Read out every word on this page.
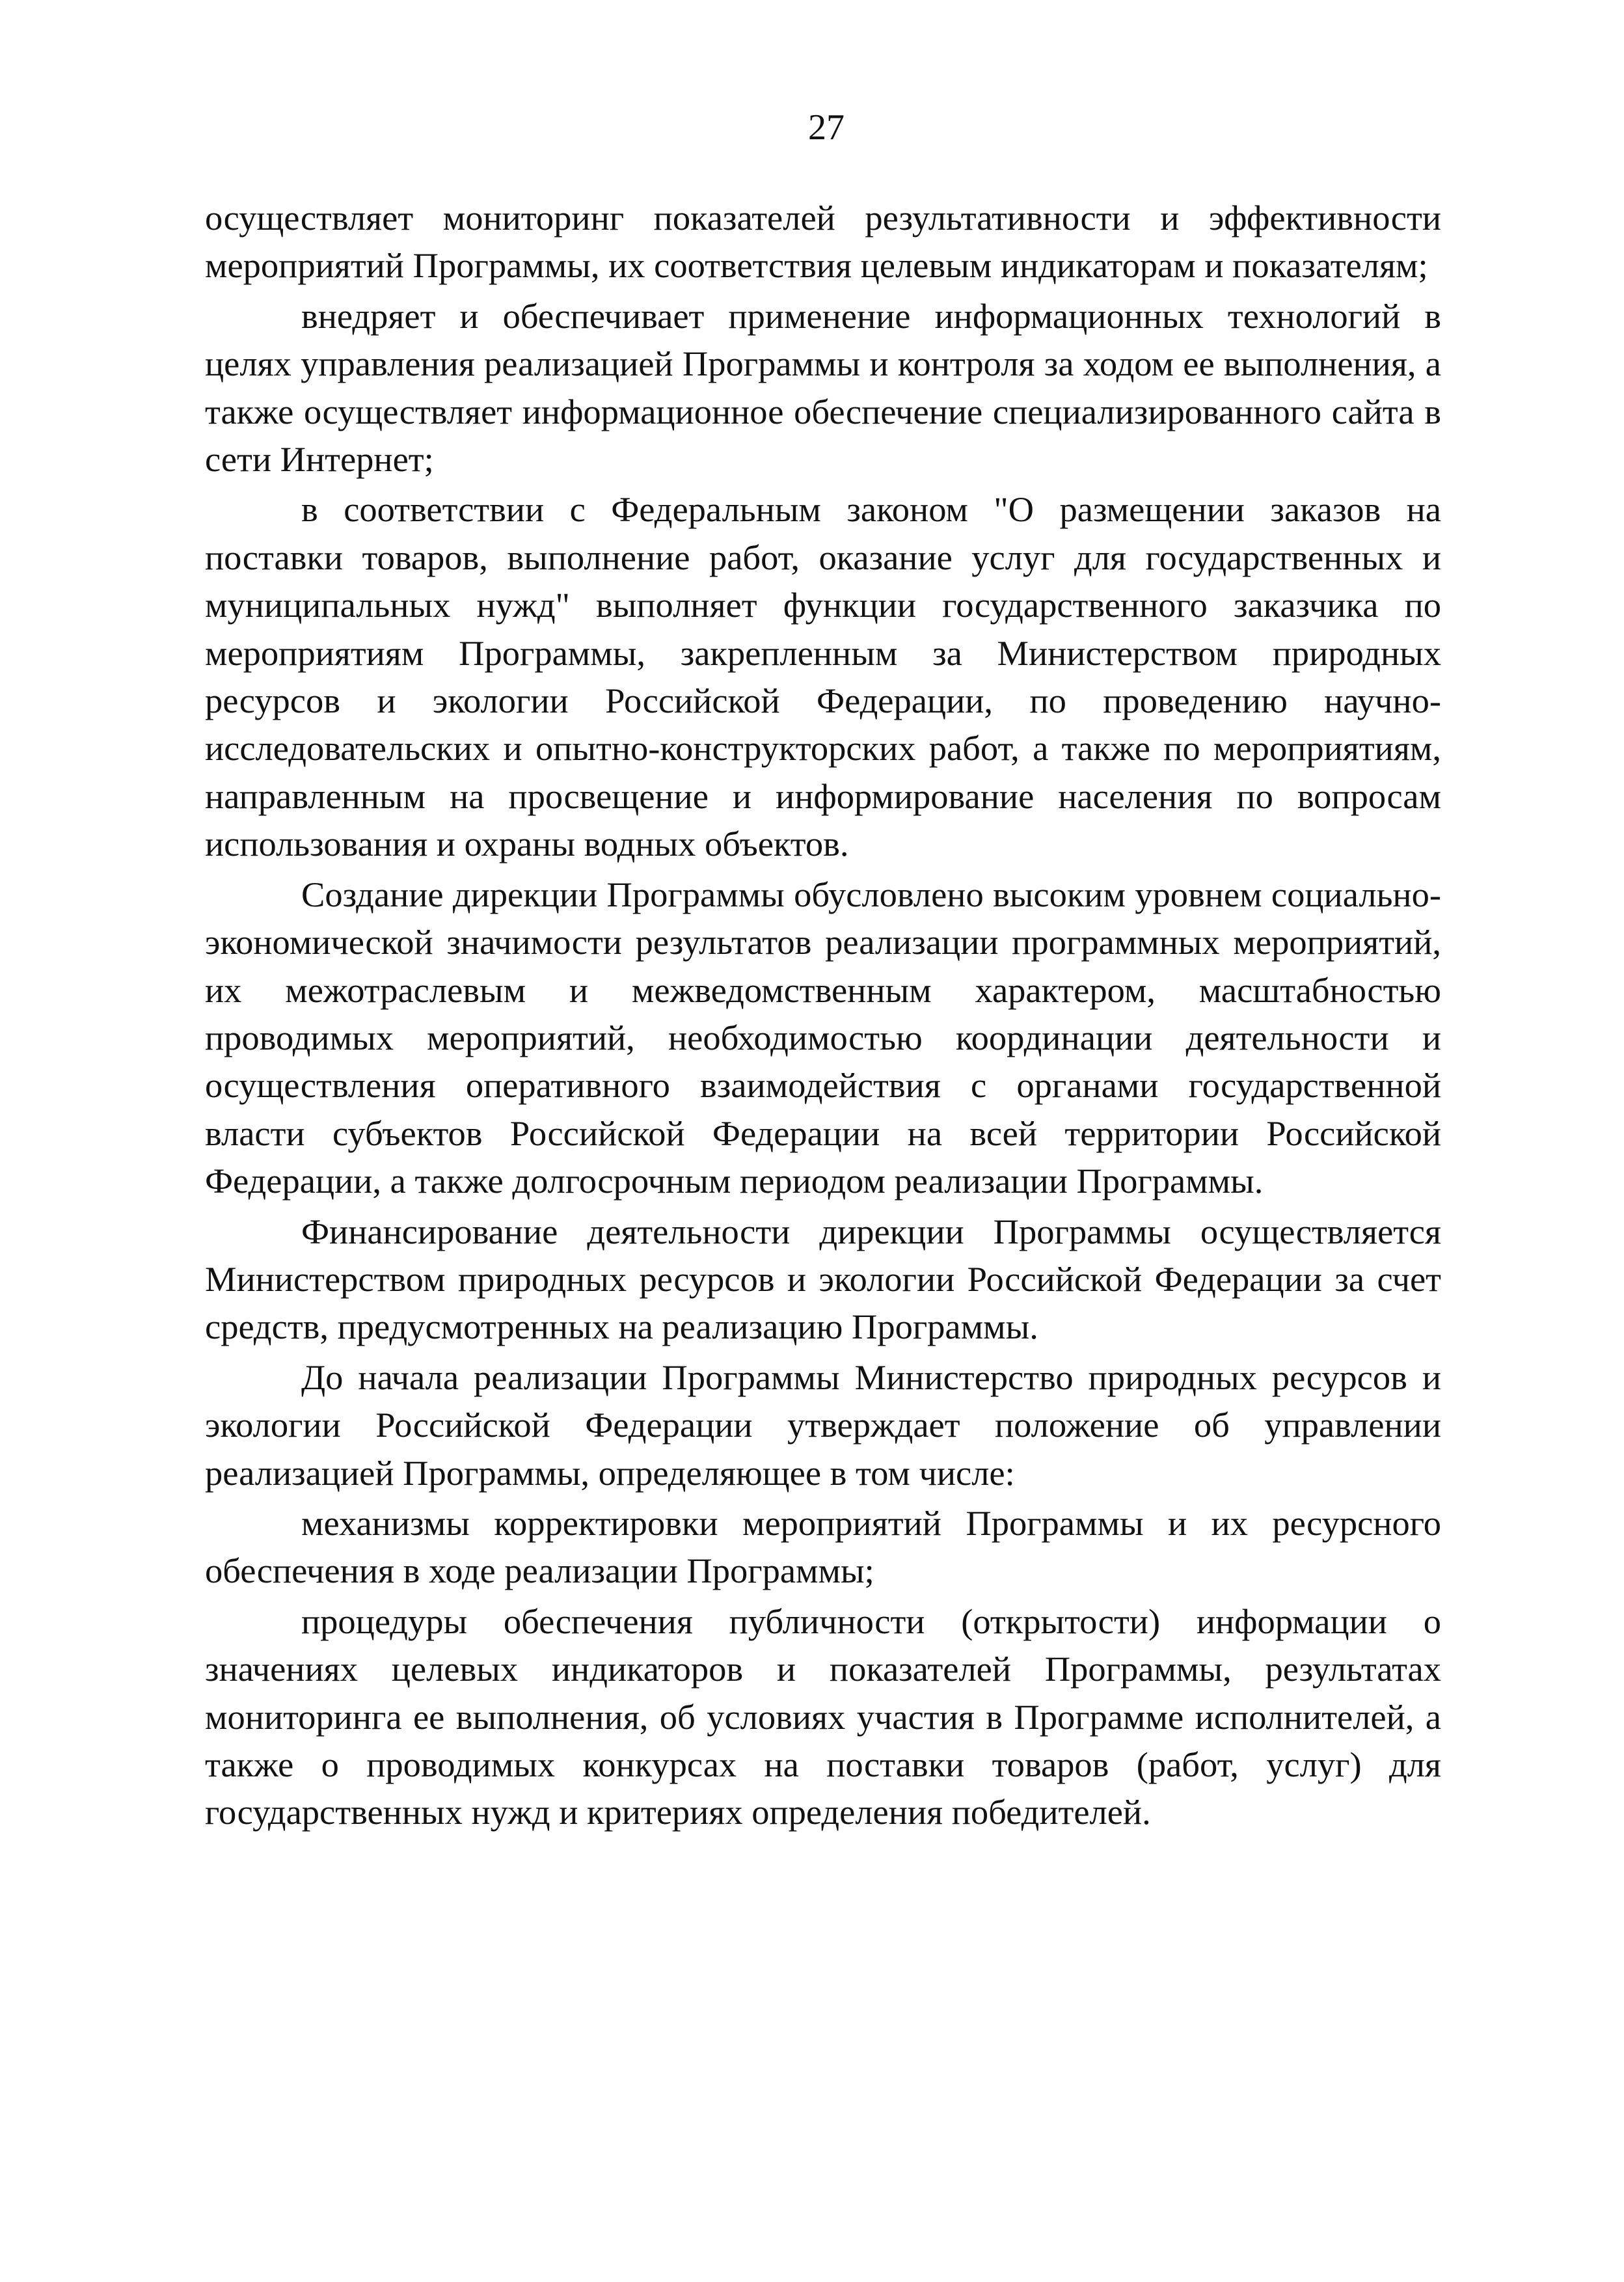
27

осуществляет мониторинг показателей результативности и эффективности мероприятий Программы, их соответствия целевым индикаторам и показателям;

внедряет и обеспечивает применение информационных технологий в целях управления реализацией Программы и контроля за ходом ее выполнения, а также осуществляет информационное обеспечение специализированного сайта в сети Интернет;

в соответствии с Федеральным законом "О размещении заказов на поставки товаров, выполнение работ, оказание услуг для государственных и муниципальных нужд" выполняет функции государственного заказчика по мероприятиям Программы, закрепленным за Министерством природных ресурсов и экологии Российской Федерации, по проведению научно-исследовательских и опытно-конструкторских работ, а также по мероприятиям, направленным на просвещение и информирование населения по вопросам использования и охраны водных объектов.

Создание дирекции Программы обусловлено высоким уровнем социально-экономической значимости результатов реализации программных мероприятий, их межотраслевым и межведомственным характером, масштабностью проводимых мероприятий, необходимостью координации деятельности и осуществления оперативного взаимодействия с органами государственной власти субъектов Российской Федерации на всей территории Российской Федерации, а также долгосрочным периодом реализации Программы.

Финансирование деятельности дирекции Программы осуществляется Министерством природных ресурсов и экологии Российской Федерации за счет средств, предусмотренных на реализацию Программы.

До начала реализации Программы Министерство природных ресурсов и экологии Российской Федерации утверждает положение об управлении реализацией Программы, определяющее в том числе:

механизмы корректировки мероприятий Программы и их ресурсного обеспечения в ходе реализации Программы;

процедуры обеспечения публичности (открытости) информации о значениях целевых индикаторов и показателей Программы, результатах мониторинга ее выполнения, об условиях участия в Программе исполнителей, а также о проводимых конкурсах на поставки товаров (работ, услуг) для государственных нужд и критериях определения победителей.
